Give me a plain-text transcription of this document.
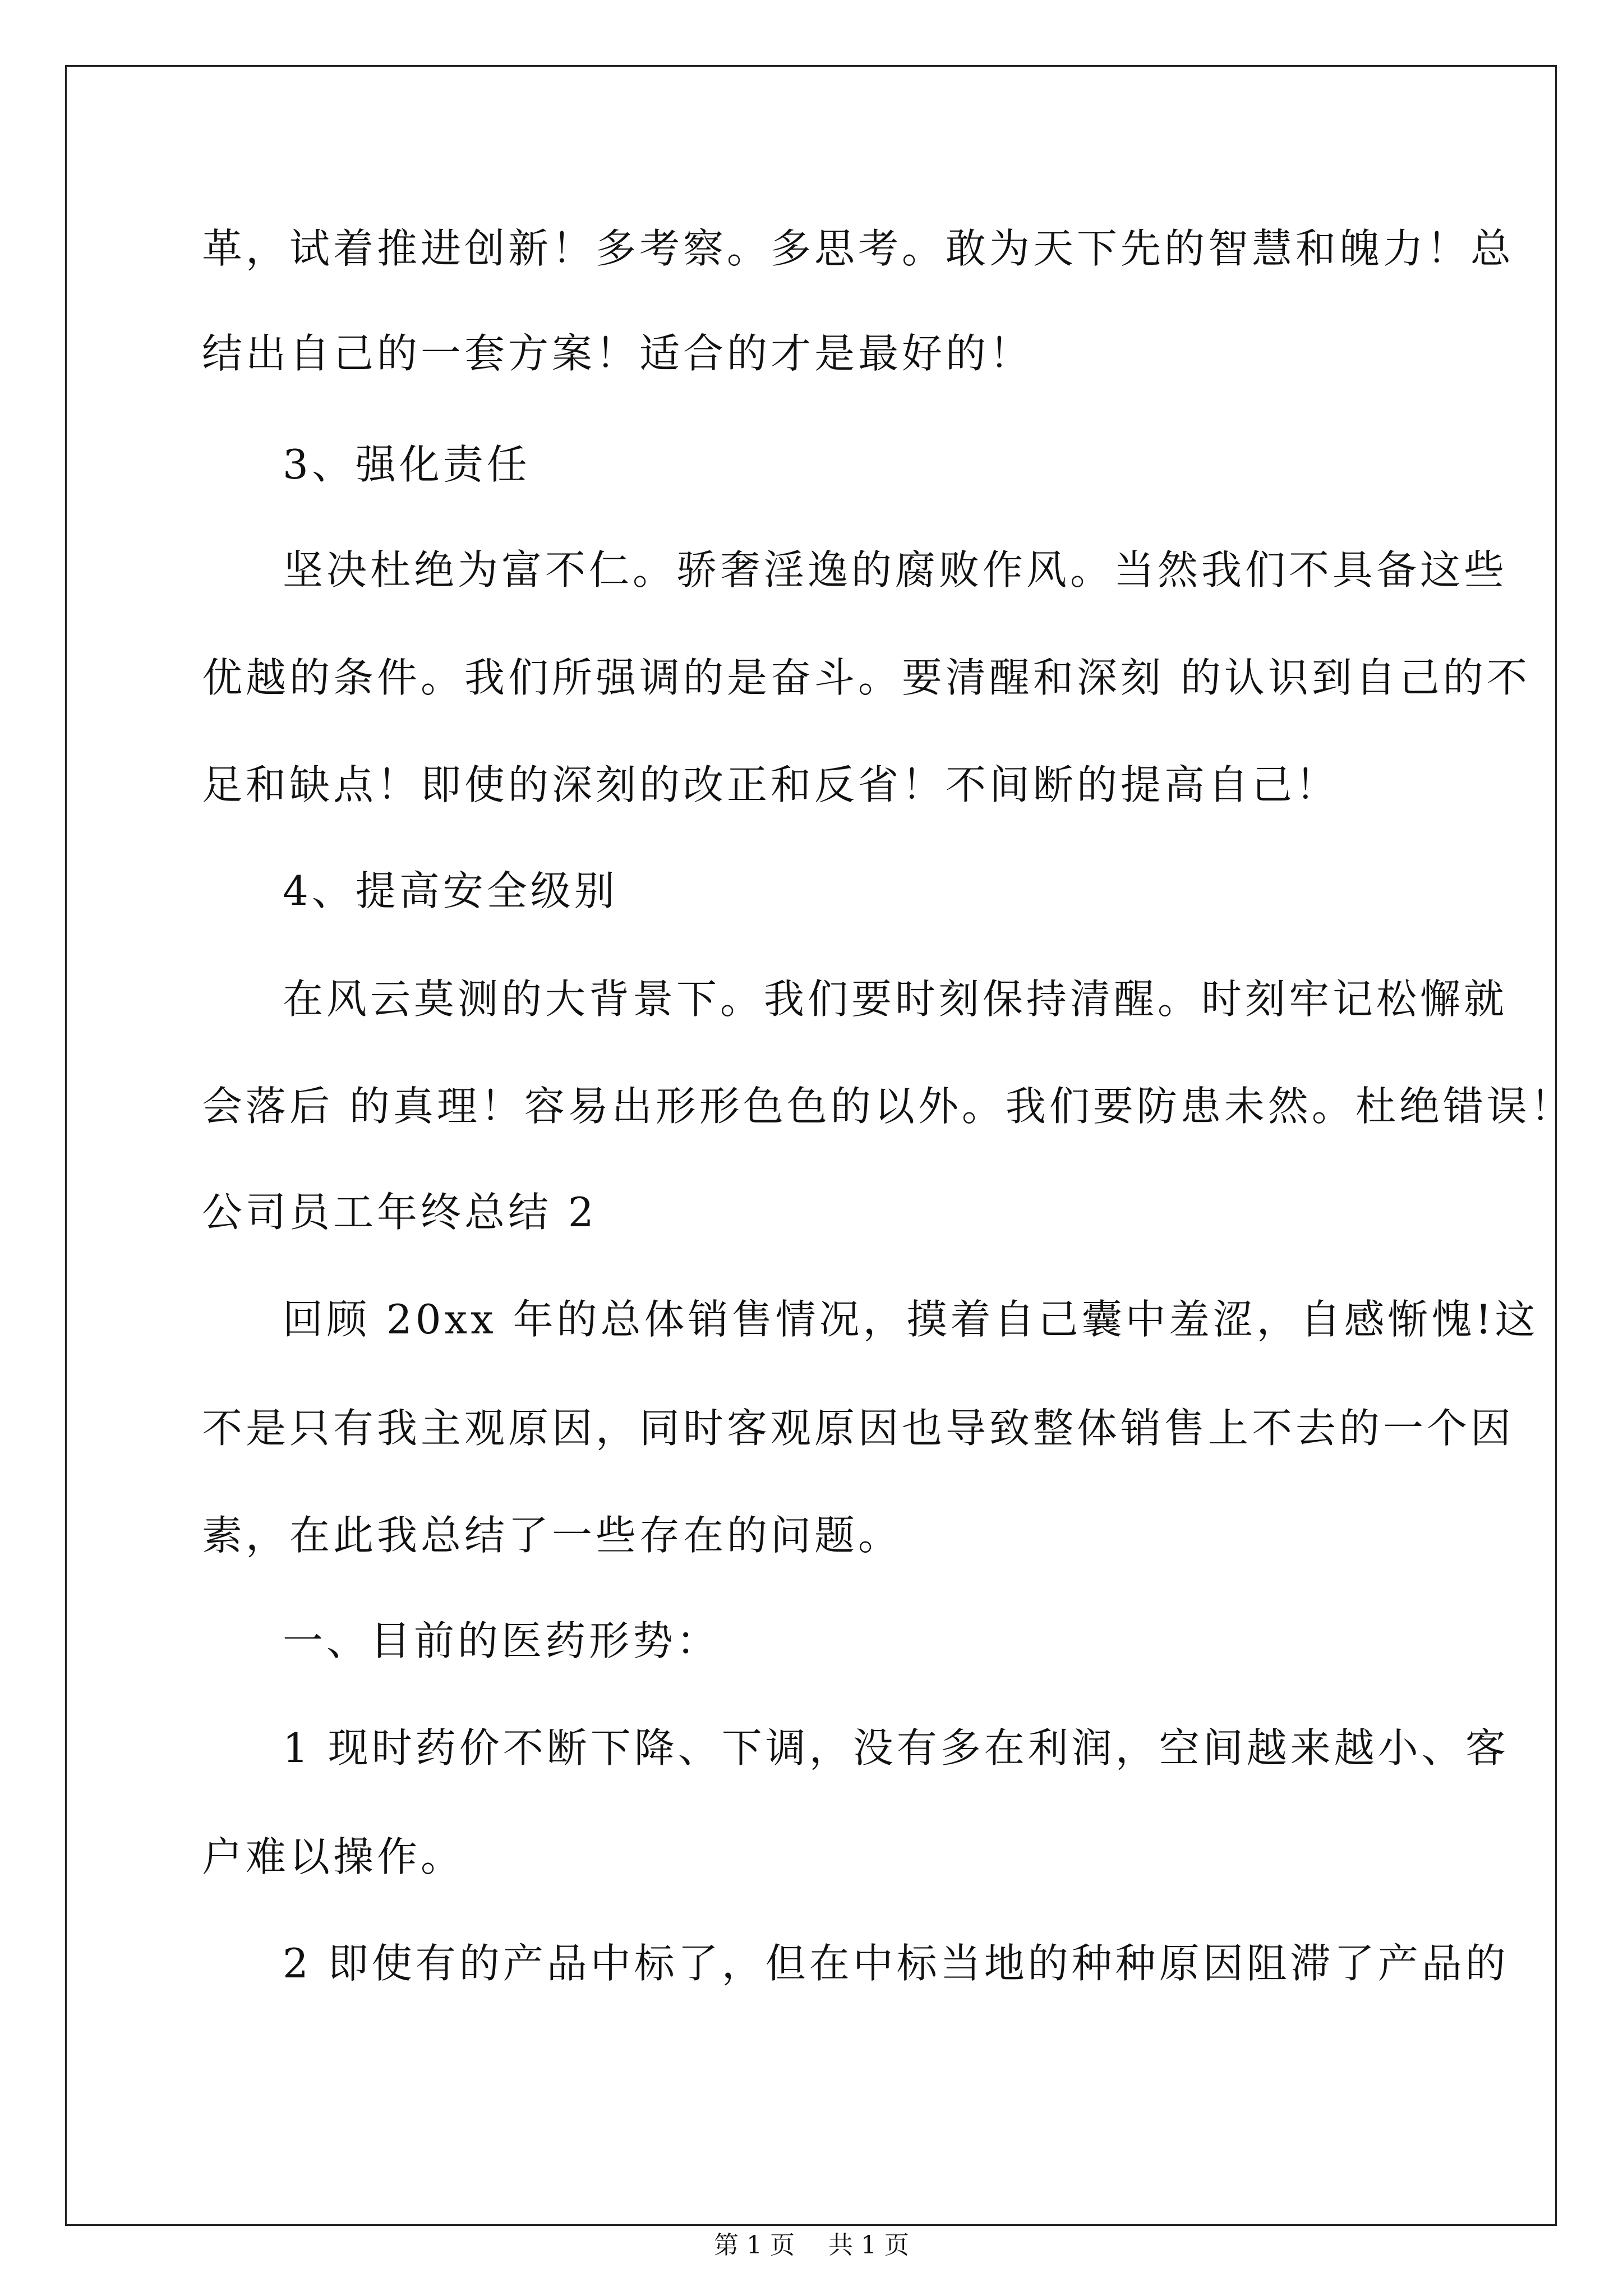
革，试着推进创新！多考察。多思考。敢为天下先的智慧和魄力！总
结出自己的一套方案！适合的才是最好的！
3、强化责任
坚决杜绝为富不仁。骄奢淫逸的腐败作风。当然我们不具备这些
优越的条件。我们所强调的是奋斗。要清醒和深刻 的认识到自己的不
足和缺点！即使的深刻的改正和反省！不间断的提高自己！
4、提高安全级别
在风云莫测的大背景下。我们要时刻保持清醒。时刻牢记松懈就
会落后 的真理！容易出形形色色的以外。我们要防患未然。杜绝错误！
公司员工年终总结 2
回顾 20xx 年的总体销售情况，摸着自己囊中羞涩，自感惭愧!这
不是只有我主观原因，同时客观原因也导致整体销售上不去的一个因
素，在此我总结了一些存在的问题。
一、目前的医药形势：
1 现时药价不断下降、下调，没有多在利润，空间越来越小、客
户难以操作。
2 即使有的产品中标了，但在中标当地的种种原因阻滞了产品的
第 1 页 共 1 页
